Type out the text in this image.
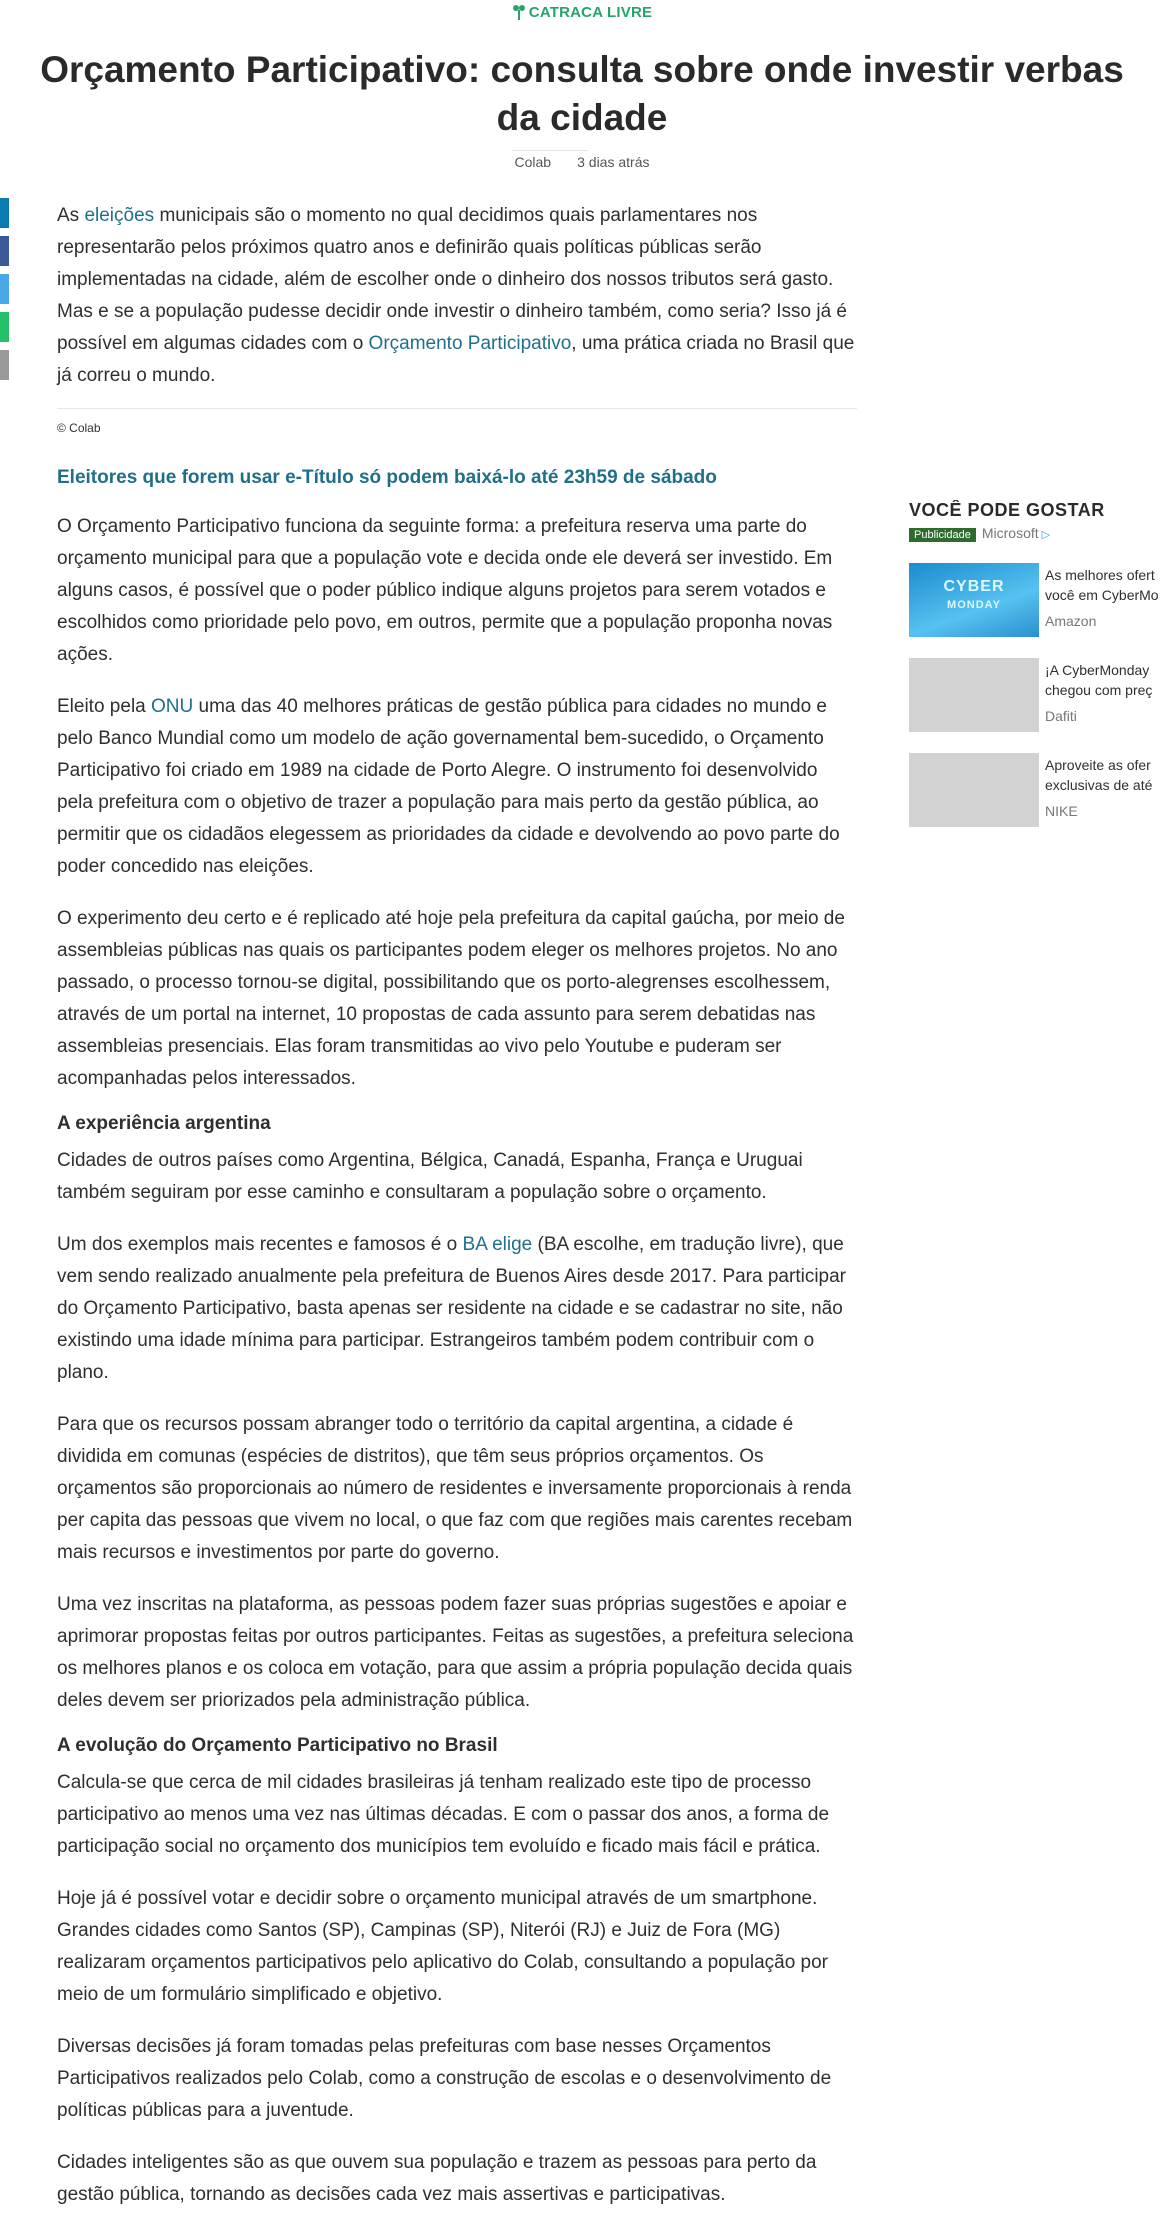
CATRACA LIVRE
Orçamento Participativo: consulta sobre onde investir verbas da cidade
Colab 3 dias atrás

As eleições municipais são o momento no qual decidimos quais parlamentares nos representarão pelos próximos quatro anos e definirão quais políticas públicas serão implementadas na cidade, além de escolher onde o dinheiro dos nossos tributos será gasto. Mas e se a população pudesse decidir onde investir o dinheiro também, como seria? Isso já é possível em algumas cidades com o Orçamento Participativo, uma prática criada no Brasil que já correu o mundo.

© Colab
Eleitores que forem usar e-Título só podem baixá-lo até 23h59 de sábado

O Orçamento Participativo funciona da seguinte forma: a prefeitura reserva uma parte do orçamento municipal para que a população vote e decida onde ele deverá ser investido. Em alguns casos, é possível que o poder público indique alguns projetos para serem votados e escolhidos como prioridade pelo povo, em outros, permite que a população proponha novas ações.

Eleito pela ONU uma das 40 melhores práticas de gestão pública para cidades no mundo e pelo Banco Mundial como um modelo de ação governamental bem-sucedido, o Orçamento Participativo foi criado em 1989 na cidade de Porto Alegre. O instrumento foi desenvolvido pela prefeitura com o objetivo de trazer a população para mais perto da gestão pública, ao permitir que os cidadãos elegessem as prioridades da cidade e devolvendo ao povo parte do poder concedido nas eleições.

O experimento deu certo e é replicado até hoje pela prefeitura da capital gaúcha, por meio de assembleias públicas nas quais os participantes podem eleger os melhores projetos. No ano passado, o processo tornou-se digital, possibilitando que os porto-alegrenses escolhessem, através de um portal na internet, 10 propostas de cada assunto para serem debatidas nas assembleias presenciais. Elas foram transmitidas ao vivo pelo Youtube e puderam ser acompanhadas pelos interessados.

A experiência argentina

Cidades de outros países como Argentina, Bélgica, Canadá, Espanha, França e Uruguai também seguiram por esse caminho e consultaram a população sobre o orçamento.

Um dos exemplos mais recentes e famosos é o BA elige (BA escolhe, em tradução livre), que vem sendo realizado anualmente pela prefeitura de Buenos Aires desde 2017. Para participar do Orçamento Participativo, basta apenas ser residente na cidade e se cadastrar no site, não existindo uma idade mínima para participar. Estrangeiros também podem contribuir com o plano.

Para que os recursos possam abranger todo o território da capital argentina, a cidade é dividida em comunas (espécies de distritos), que têm seus próprios orçamentos. Os orçamentos são proporcionais ao número de residentes e inversamente proporcionais à renda per capita das pessoas que vivem no local, o que faz com que regiões mais carentes recebam mais recursos e investimentos por parte do governo.

Uma vez inscritas na plataforma, as pessoas podem fazer suas próprias sugestões e apoiar e aprimorar propostas feitas por outros participantes. Feitas as sugestões, a prefeitura seleciona os melhores planos e os coloca em votação, para que assim a própria população decida quais deles devem ser priorizados pela administração pública.

A evolução do Orçamento Participativo no Brasil

Calcula-se que cerca de mil cidades brasileiras já tenham realizado este tipo de processo participativo ao menos uma vez nas últimas décadas. E com o passar dos anos, a forma de participação social no orçamento dos municípios tem evoluído e ficado mais fácil e prática.

Hoje já é possível votar e decidir sobre o orçamento municipal através de um smartphone. Grandes cidades como Santos (SP), Campinas (SP), Niterói (RJ) e Juiz de Fora (MG) realizaram orçamentos participativos pelo aplicativo do Colab, consultando a população por meio de um formulário simplificado e objetivo.

Diversas decisões já foram tomadas pelas prefeituras com base nesses Orçamentos Participativos realizados pelo Colab, como a construção de escolas e o desenvolvimento de políticas públicas para a juventude.

Cidades inteligentes são as que ouvem sua população e trazem as pessoas para perto da gestão pública, tornando as decisões cada vez mais assertivas e participativas.

VOCÊ PODE GOSTAR
Publicidade Microsoft ▷
CYBER
MONDAY
As melhores ofert
você em CyberMo
Amazon
¡A CyberMonday
chegou com preç
Dafiti
Aproveite as ofer
exclusivas de até
NIKE
